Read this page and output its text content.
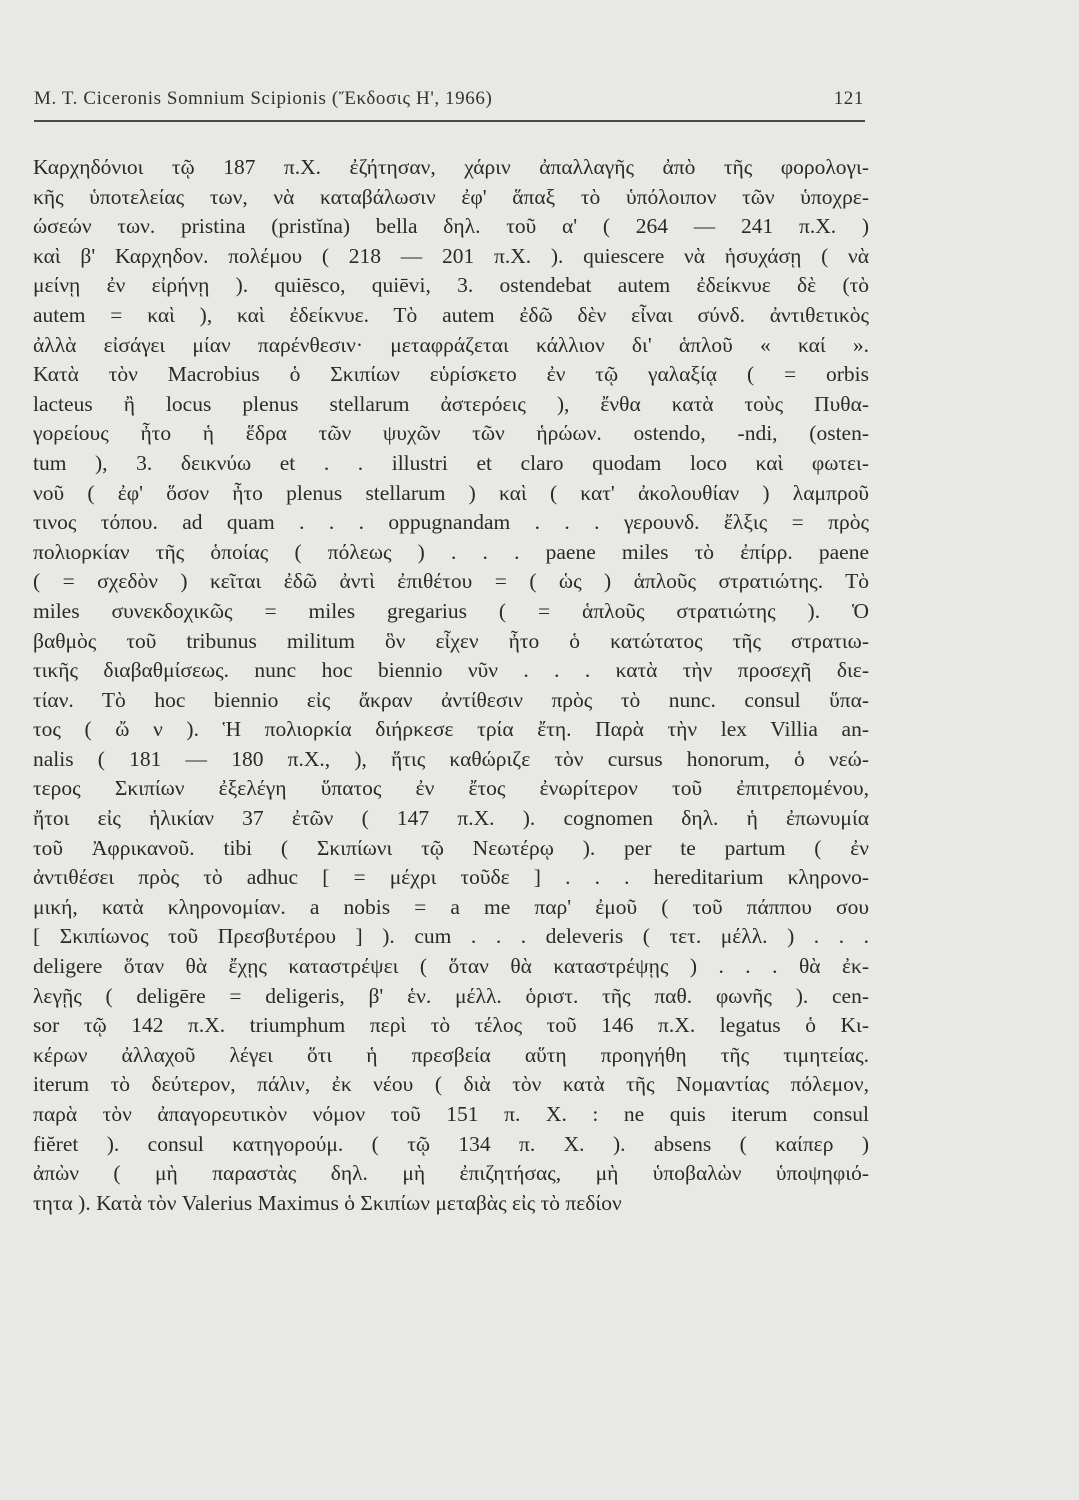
M. T. Ciceronis Somnium Scipionis (Ἔκδοσις Η', 1966)	121
Καρχηδόνιοι τῷ 187 π.Χ. ἐζήτησαν, χάριν ἀπαλλαγῆς ἀπὸ τῆς φορολογι-
κῆς ὑποτελείας των, νὰ καταβάλωσιν ἐφ' ἅπαξ τὸ ὑπόλοιπον τῶν ὑποχρε-
ώσεών των. pristina (pristĭna) bella δηλ. τοῦ α' ( 264 — 241 π.Χ. )
καὶ β' Καρχηδον. πολέμου ( 218 — 201 π.Χ. ). quiescere νὰ ἡσυχάσῃ ( νὰ
μείνῃ ἐν εἰρήνῃ ). quiēsco, quiēvi, 3. ostendebat autem ἐδείκνυε δὲ (τὸ
autem = καὶ ), καὶ ἐδείκνυε. Τὸ autem ἐδῶ δὲν εἶναι σύνδ. ἀντιθετικὸς
ἀλλὰ εἰσάγει μίαν παρένθεσιν· μεταφράζεται κάλλιον δι' ἁπλοῦ « καί ».
Κατὰ τὸν Macrobius ὁ Σκιπίων εὑρίσκετο ἐν τῷ γαλαξίᾳ ( = orbis
lacteus ἢ locus plenus stellarum ἀστερόεις ), ἔνθα κατὰ τοὺς Πυθα-
γορείους ἦτο ἡ ἕδρα τῶν ψυχῶν τῶν ἡρώων. ostendo, -ndi, (osten-
tum ), 3. δεικνύω et . . illustri et claro quodam loco καὶ φωτει-
νοῦ ( ἐφ' ὅσον ἦτο plenus stellarum ) καὶ ( κατ' ἀκολουθίαν ) λαμπροῦ
τινος τόπου. ad quam . . . oppugnandam . . . γερουνδ. ἔλξις = πρὸς
πολιορκίαν τῆς ὁποίας ( πόλεως ) . . . paene miles τὸ ἐπίρρ. paene
( = σχεδὸν ) κεῖται ἐδῶ ἀντὶ ἐπιθέτου = ( ὡς ) ἁπλοῦς στρατιώτης. Τὸ
miles συνεκδοχικῶς = miles gregarius ( = ἁπλοῦς στρατιώτης ). Ὁ
βαθμὸς τοῦ tribunus militum ὃν εἶχεν ἦτο ὁ κατώτατος τῆς στρατιω-
τικῆς διαβαθμίσεως. nunc hoc biennio νῦν . . . κατὰ τὴν προσεχῆ διε-
τίαν. Τὸ hoc biennio εἰς ἄκραν ἀντίθεσιν πρὸς τὸ nunc. consul ὕπα-
τος ( ὤ ν ). Ἡ πολιορκία διήρκεσε τρία ἔτη. Παρὰ τὴν lex Villia an-
nalis ( 181 — 180 π.Χ., ), ἥτις καθώριζε τὸν cursus honorum, ὁ νεώ-
τερος Σκιπίων ἐξελέγη ὕπατος ἐν ἔτος ἐνωρίτερον τοῦ ἐπιτρεπομένου,
ἤτοι εἰς ἡλικίαν 37 ἐτῶν ( 147 π.Χ. ). cognomen δηλ. ἡ ἐπωνυμία
τοῦ Ἀφρικανοῦ. tibi ( Σκιπίωνι τῷ Νεωτέρῳ ). per te partum ( ἐν
ἀντιθέσει πρὸς τὸ adhuc [ = μέχρι τοῦδε ] . . . hereditarium κληρονο-
μική, κατὰ κληρονομίαν. a nobis = a me παρ' ἐμοῦ ( τοῦ πάππου σου
[ Σκιπίωνος τοῦ Πρεσβυτέρου ] ). cum . . . deleveris ( τετ. μέλλ. ) . . .
deligere ὅταν θὰ ἔχῃς καταστρέψει ( ὅταν θὰ καταστρέψῃς ) . . . θὰ ἐκ-
λεγῇς ( deligēre = deligeris, β' ἑν. μέλλ. ὁριστ. τῆς παθ. φωνῆς ). cen-
sor τῷ 142 π.Χ. triumphum περὶ τὸ τέλος τοῦ 146 π.Χ. legatus ὁ Κι-
κέρων ἀλλαχοῦ λέγει ὅτι ἡ πρεσβεία αὕτη προηγήθη τῆς τιμητείας.
iterum τὸ δεύτερον, πάλιν, ἐκ νέου ( διὰ τὸν κατὰ τῆς Νομαντίας πόλεμον,
παρὰ τὸν ἀπαγορευτικὸν νόμον τοῦ 151 π. Χ. : ne quis iterum consul
fiĕret ). consul κατηγορούμ. ( τῷ 134 π. Χ. ). absens ( καίπερ )
ἀπὼν ( μὴ παραστὰς δηλ. μὴ ἐπιζητήσας, μὴ ὑποβαλὼν ὑποψηφιό-
τητα ). Κατὰ τὸν Valerius Maximus ὁ Σκιπίων μεταβὰς εἰς τὸ πεδίον
